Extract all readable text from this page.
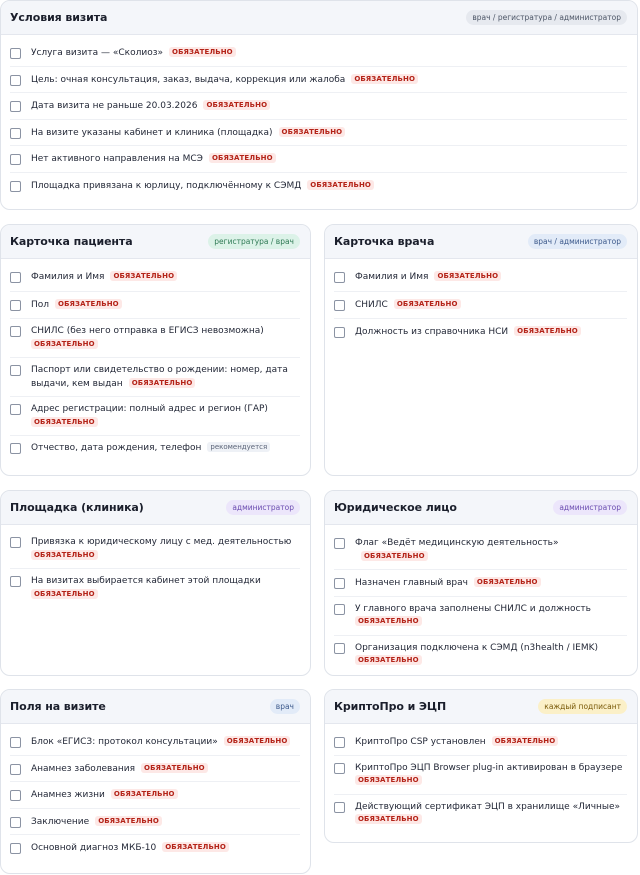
Условия визита	врач / регистратура / администратор
Услуга визита — «Сколиоз» ОБЯЗАТЕЛЬНО
Цель: очная консультация, заказ, выдача, коррекция или жалоба ОБЯЗАТЕЛЬНО
Дата визита не раньше 20.03.2026 ОБЯЗАТЕЛЬНО
На визите указаны кабинет и клиника (площадка) ОБЯЗАТЕЛЬНО
Нет активного направления на МСЭ ОБЯЗАТЕЛЬНО
Площадка привязана к юрлицу, подключённому к СЭМД ОБЯЗАТЕЛЬНО
Карточка пациента	регистратура / врач
Фамилия и Имя ОБЯЗАТЕЛЬНО
Пол ОБЯЗАТЕЛЬНО
СНИЛС (без него отправка в ЕГИСЗ невозможна)
ОБЯЗАТЕЛЬНО
Паспорт или свидетельство о рождении: номер, дата выдачи, кем выдан ОБЯЗАТЕЛЬНО
Адрес регистрации: полный адрес и регион (ГАР)
ОБЯЗАТЕЛЬНО
Отчество, дата рождения, телефон рекомендуется
Карточка врача	врач / администратор
Фамилия и Имя ОБЯЗАТЕЛЬНО
СНИЛС ОБЯЗАТЕЛЬНО
Должность из справочника НСИ ОБЯЗАТЕЛЬНО
Площадка (клиника)	администратор
Привязка к юридическому лицу с мед. деятельностью
ОБЯЗАТЕЛЬНО
На визитах выбирается кабинет этой площадки
ОБЯЗАТЕЛЬНО
Юридическое лицо	администратор
Флаг «Ведёт медицинскую деятельность»ОБЯЗАТЕЛЬНО
Назначен главный врач ОБЯЗАТЕЛЬНО
У главного врача заполнены СНИЛС и должность
ОБЯЗАТЕЛЬНО
Организация подключена к СЭМД (n3health / IEMK)
ОБЯЗАТЕЛЬНО
Поля на визите	врач
Блок «ЕГИСЗ: протокол консультации» ОБЯЗАТЕЛЬНО
Анамнез заболевания ОБЯЗАТЕЛЬНО
Анамнез жизни ОБЯЗАТЕЛЬНО
Заключение ОБЯЗАТЕЛЬНО
Основной диагноз МКБ-10 ОБЯЗАТЕЛЬНО
КриптоПро и ЭЦП	каждый подписант
КриптоПро CSP установлен ОБЯЗАТЕЛЬНО
КриптоПро ЭЦП Browser plug-in активирован в браузере
ОБЯЗАТЕЛЬНО
Действующий сертификат ЭЦП в хранилище «Личные»
ОБЯЗАТЕЛЬНО
